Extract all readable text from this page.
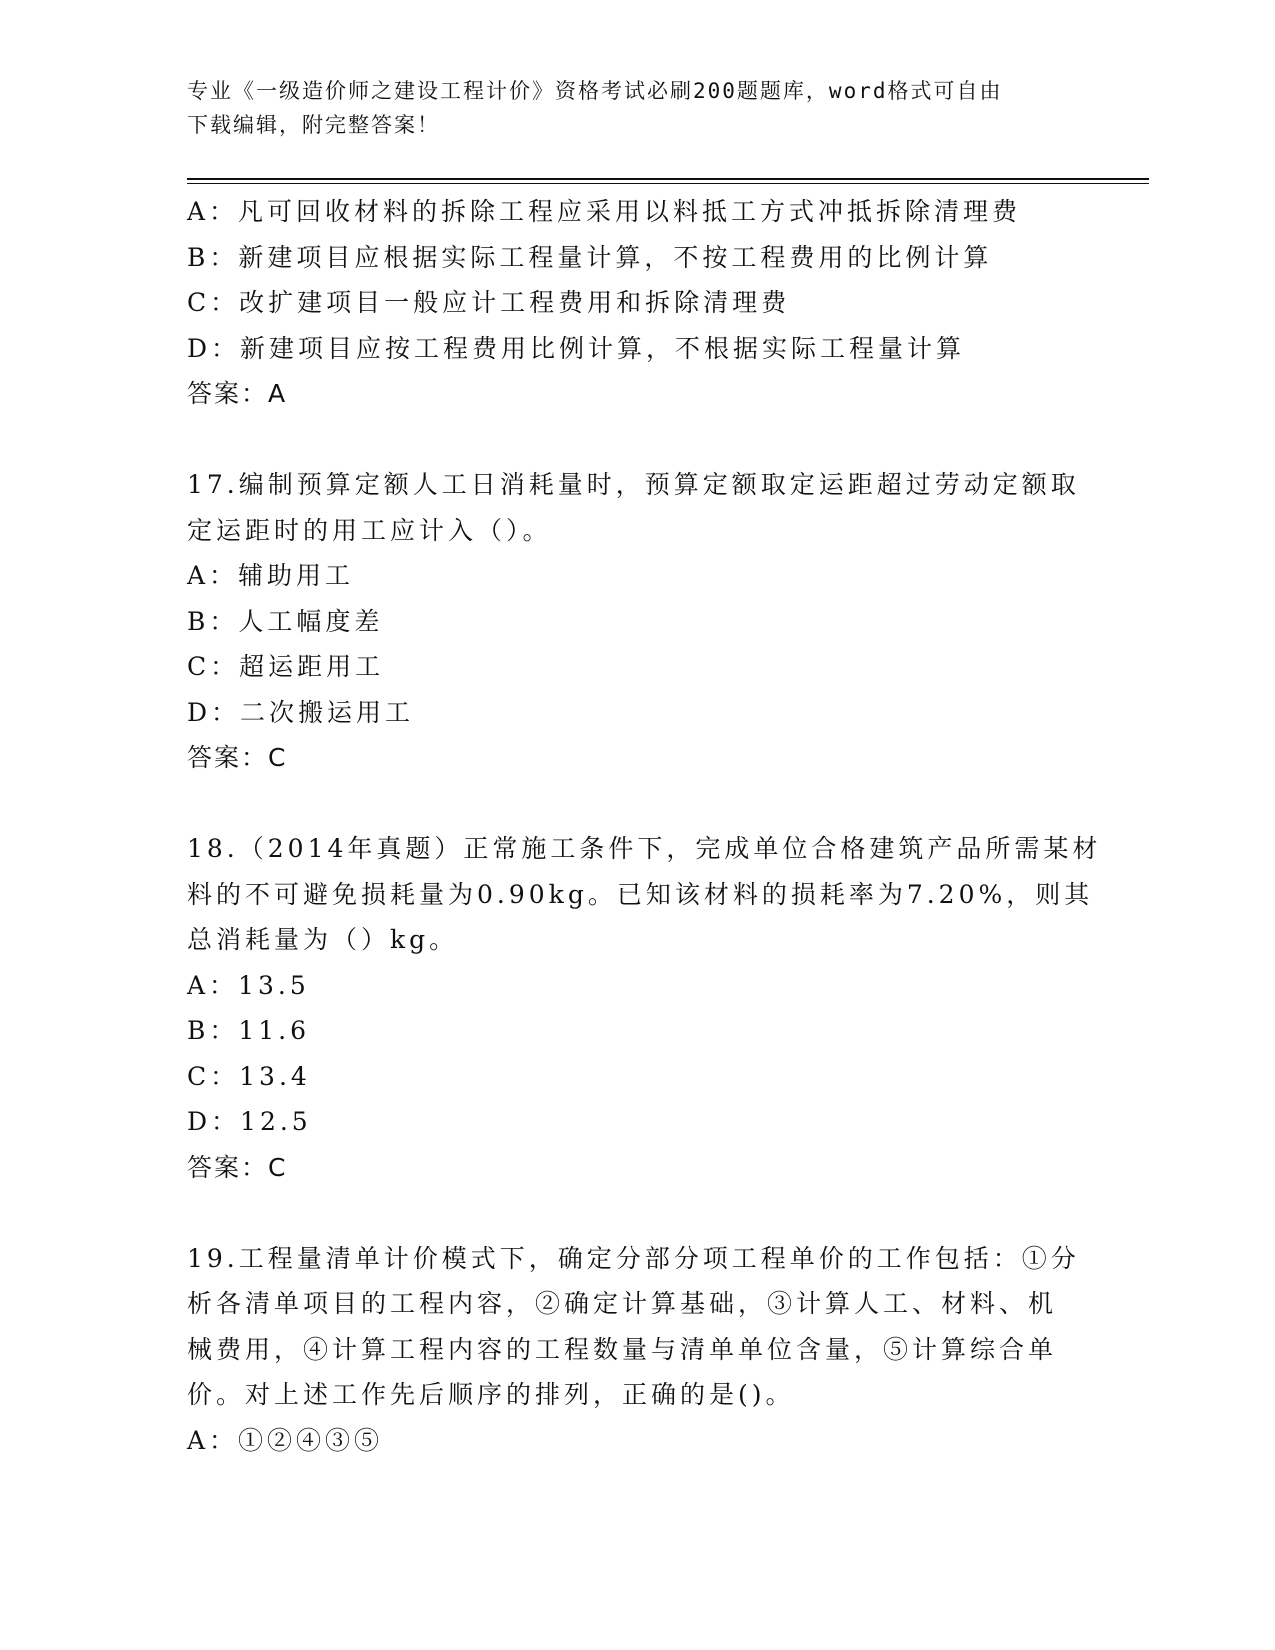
专业《一级造价师之建设工程计价》资格考试必刷200题题库，word格式可自由
下载编辑，附完整答案！
A：凡可回收材料的拆除工程应采用以料抵工方式冲抵拆除清理费
B：新建项目应根据实际工程量计算，不按工程费用的比例计算
C：改扩建项目一般应计工程费用和拆除清理费
D：新建项目应按工程费用比例计算，不根据实际工程量计算
答案：A
17.编制预算定额人工日消耗量时，预算定额取定运距超过劳动定额取
定运距时的用工应计入（）。
A：辅助用工
B：人工幅度差
C：超运距用工
D：二次搬运用工
答案：C
18.（2014年真题）正常施工条件下，完成单位合格建筑产品所需某材
料的不可避免损耗量为0.90kg。已知该材料的损耗率为7.20%，则其
总消耗量为（）kg。
A：13.5
B：11.6
C：13.4
D：12.5
答案：C
19.工程量清单计价模式下，确定分部分项工程单价的工作包括：①分
析各清单项目的工程内容，②确定计算基础，③计算人工、材料、机
械费用，④计算工程内容的工程数量与清单单位含量，⑤计算综合单
价。对上述工作先后顺序的排列，正确的是()。
A：①②④③⑤
